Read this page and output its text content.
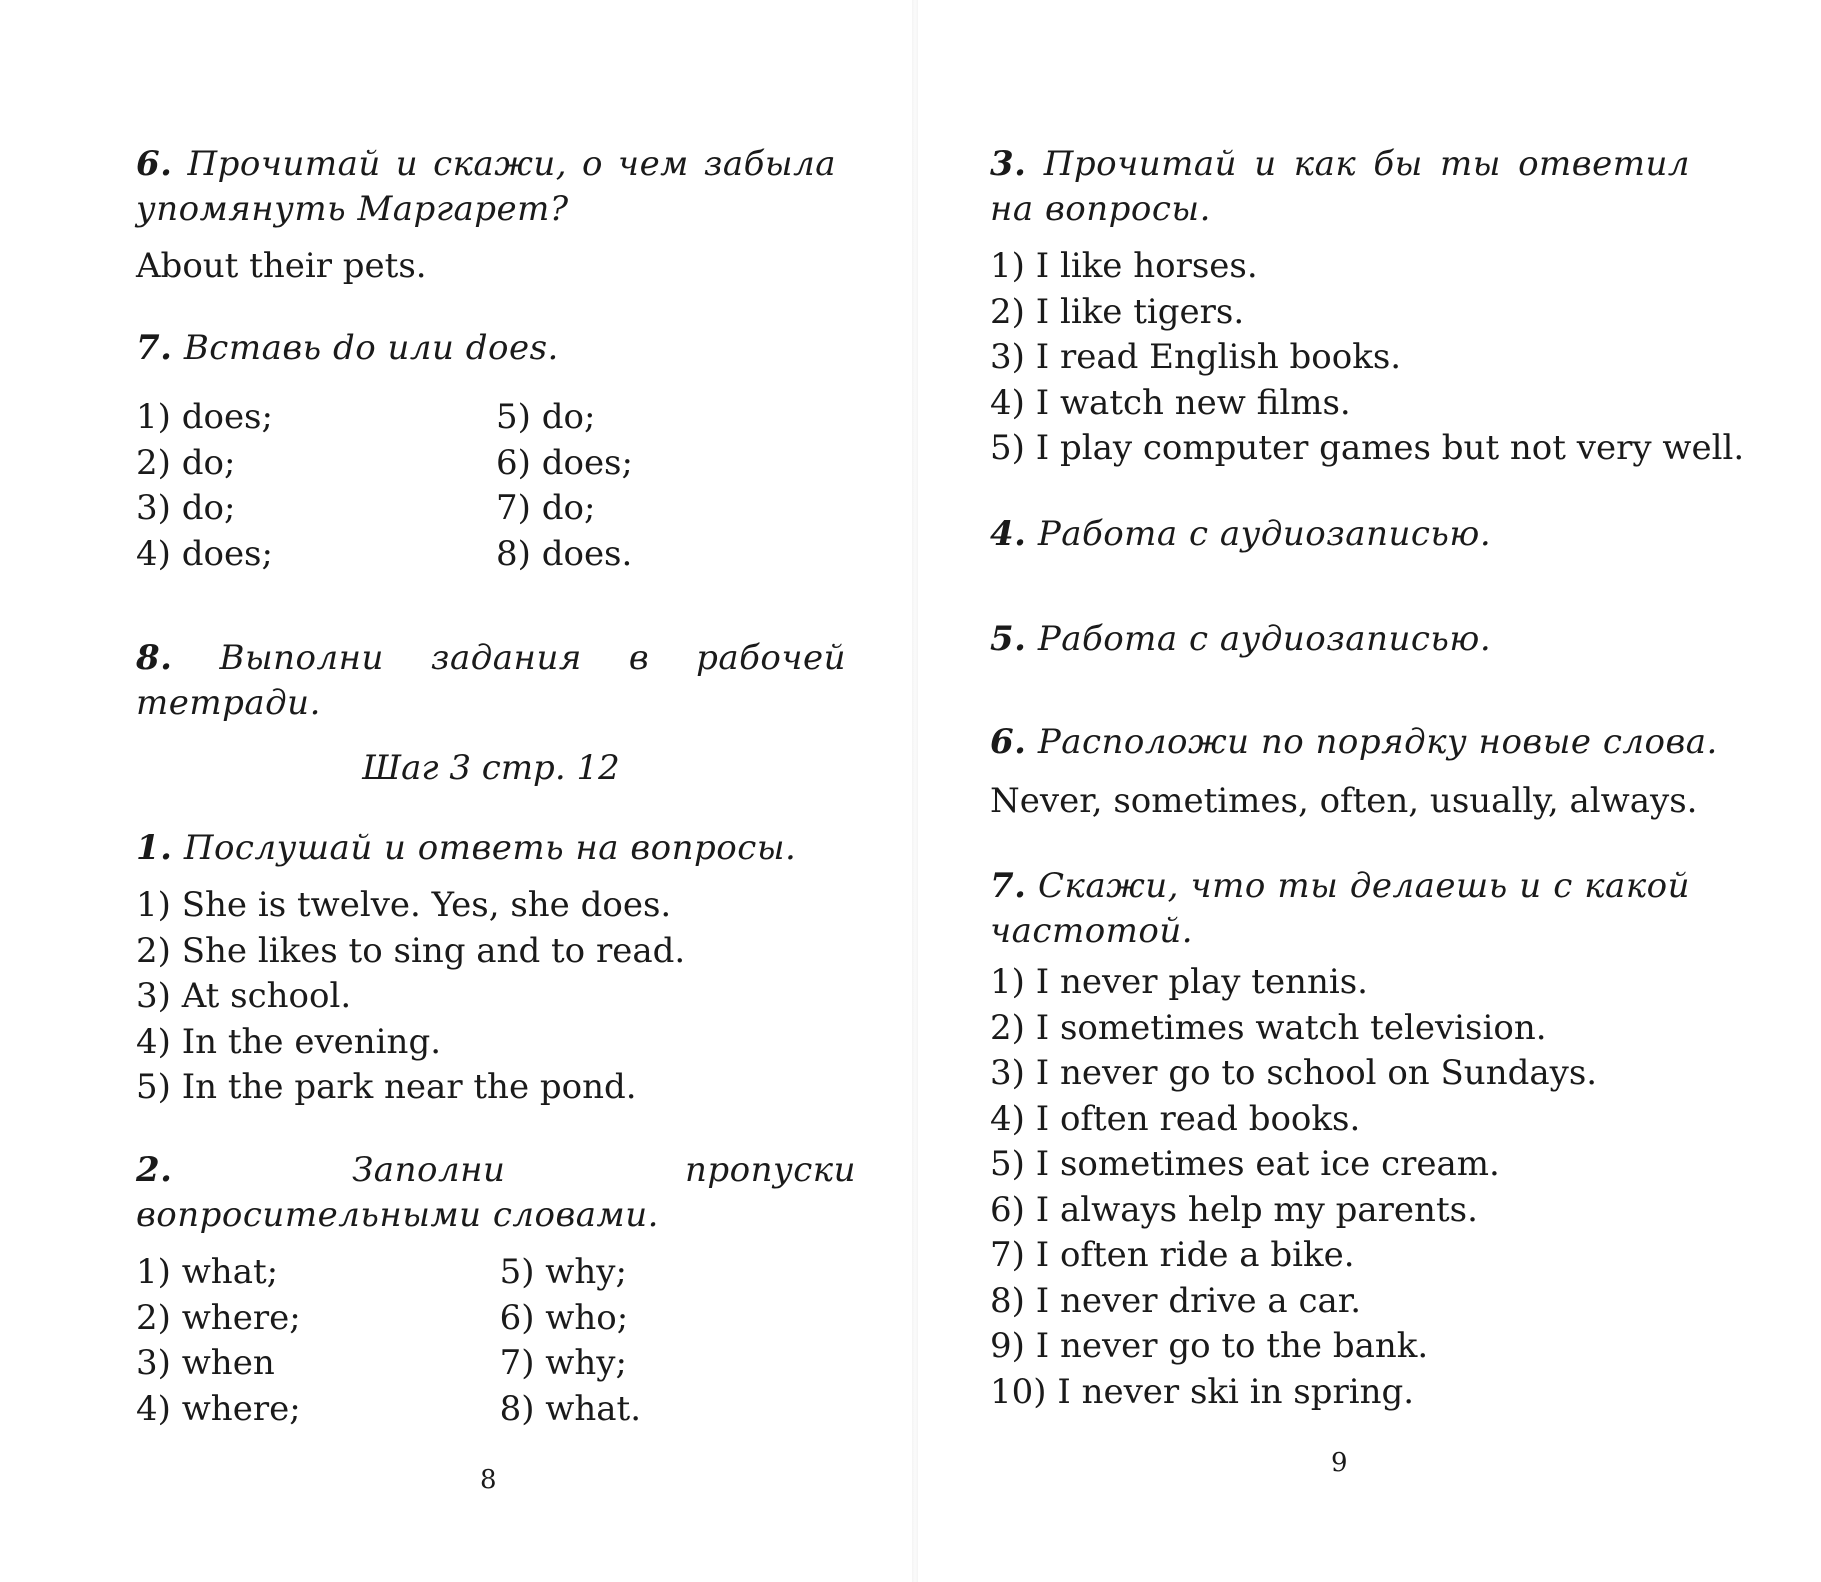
6. Прочитай и скажи, о чем забыла упомянуть Маргарет?

About their pets.

7. Вставь do или does.

1) does;
2) do;
3) do;
4) does;
5) do;
6) does;
7) do;
8) does.

8. Выполни задания в рабочей тетради.

Шаг 3 стр. 12

1. Послушай и ответь на вопросы.

1) She is twelve. Yes, she does.
2) She likes to sing and to read.
3) At school.
4) In the evening.
5) In the park near the pond.

2.	Заполни пропуски вопросительными словами.

1) what;
2) where;
3) when
4) where;
5) why;
6) who;
7) why;
8) what.
8

3. Прочитай и как бы ты ответил на вопросы.

1) I like horses.
2) I like tigers.
3) I read English books.
4) I watch new films.
5) I play computer games but not very well.

4. Работа с аудиозаписью.

5. Работа с аудиозаписью.

6. Расположи по порядку новые слова.

Never, sometimes, often, usually, always.

7. Скажи, что ты делаешь и с какой частотой.

1) I never play tennis.
2) I sometimes watch television.
3) I never go to school on Sundays.
4) I often read books.
5) I sometimes eat ice cream.
6) I always help my parents.
7) I often ride a bike.
8) I never drive a car.
9) I never go to the bank.
10) I never ski in spring.
9
